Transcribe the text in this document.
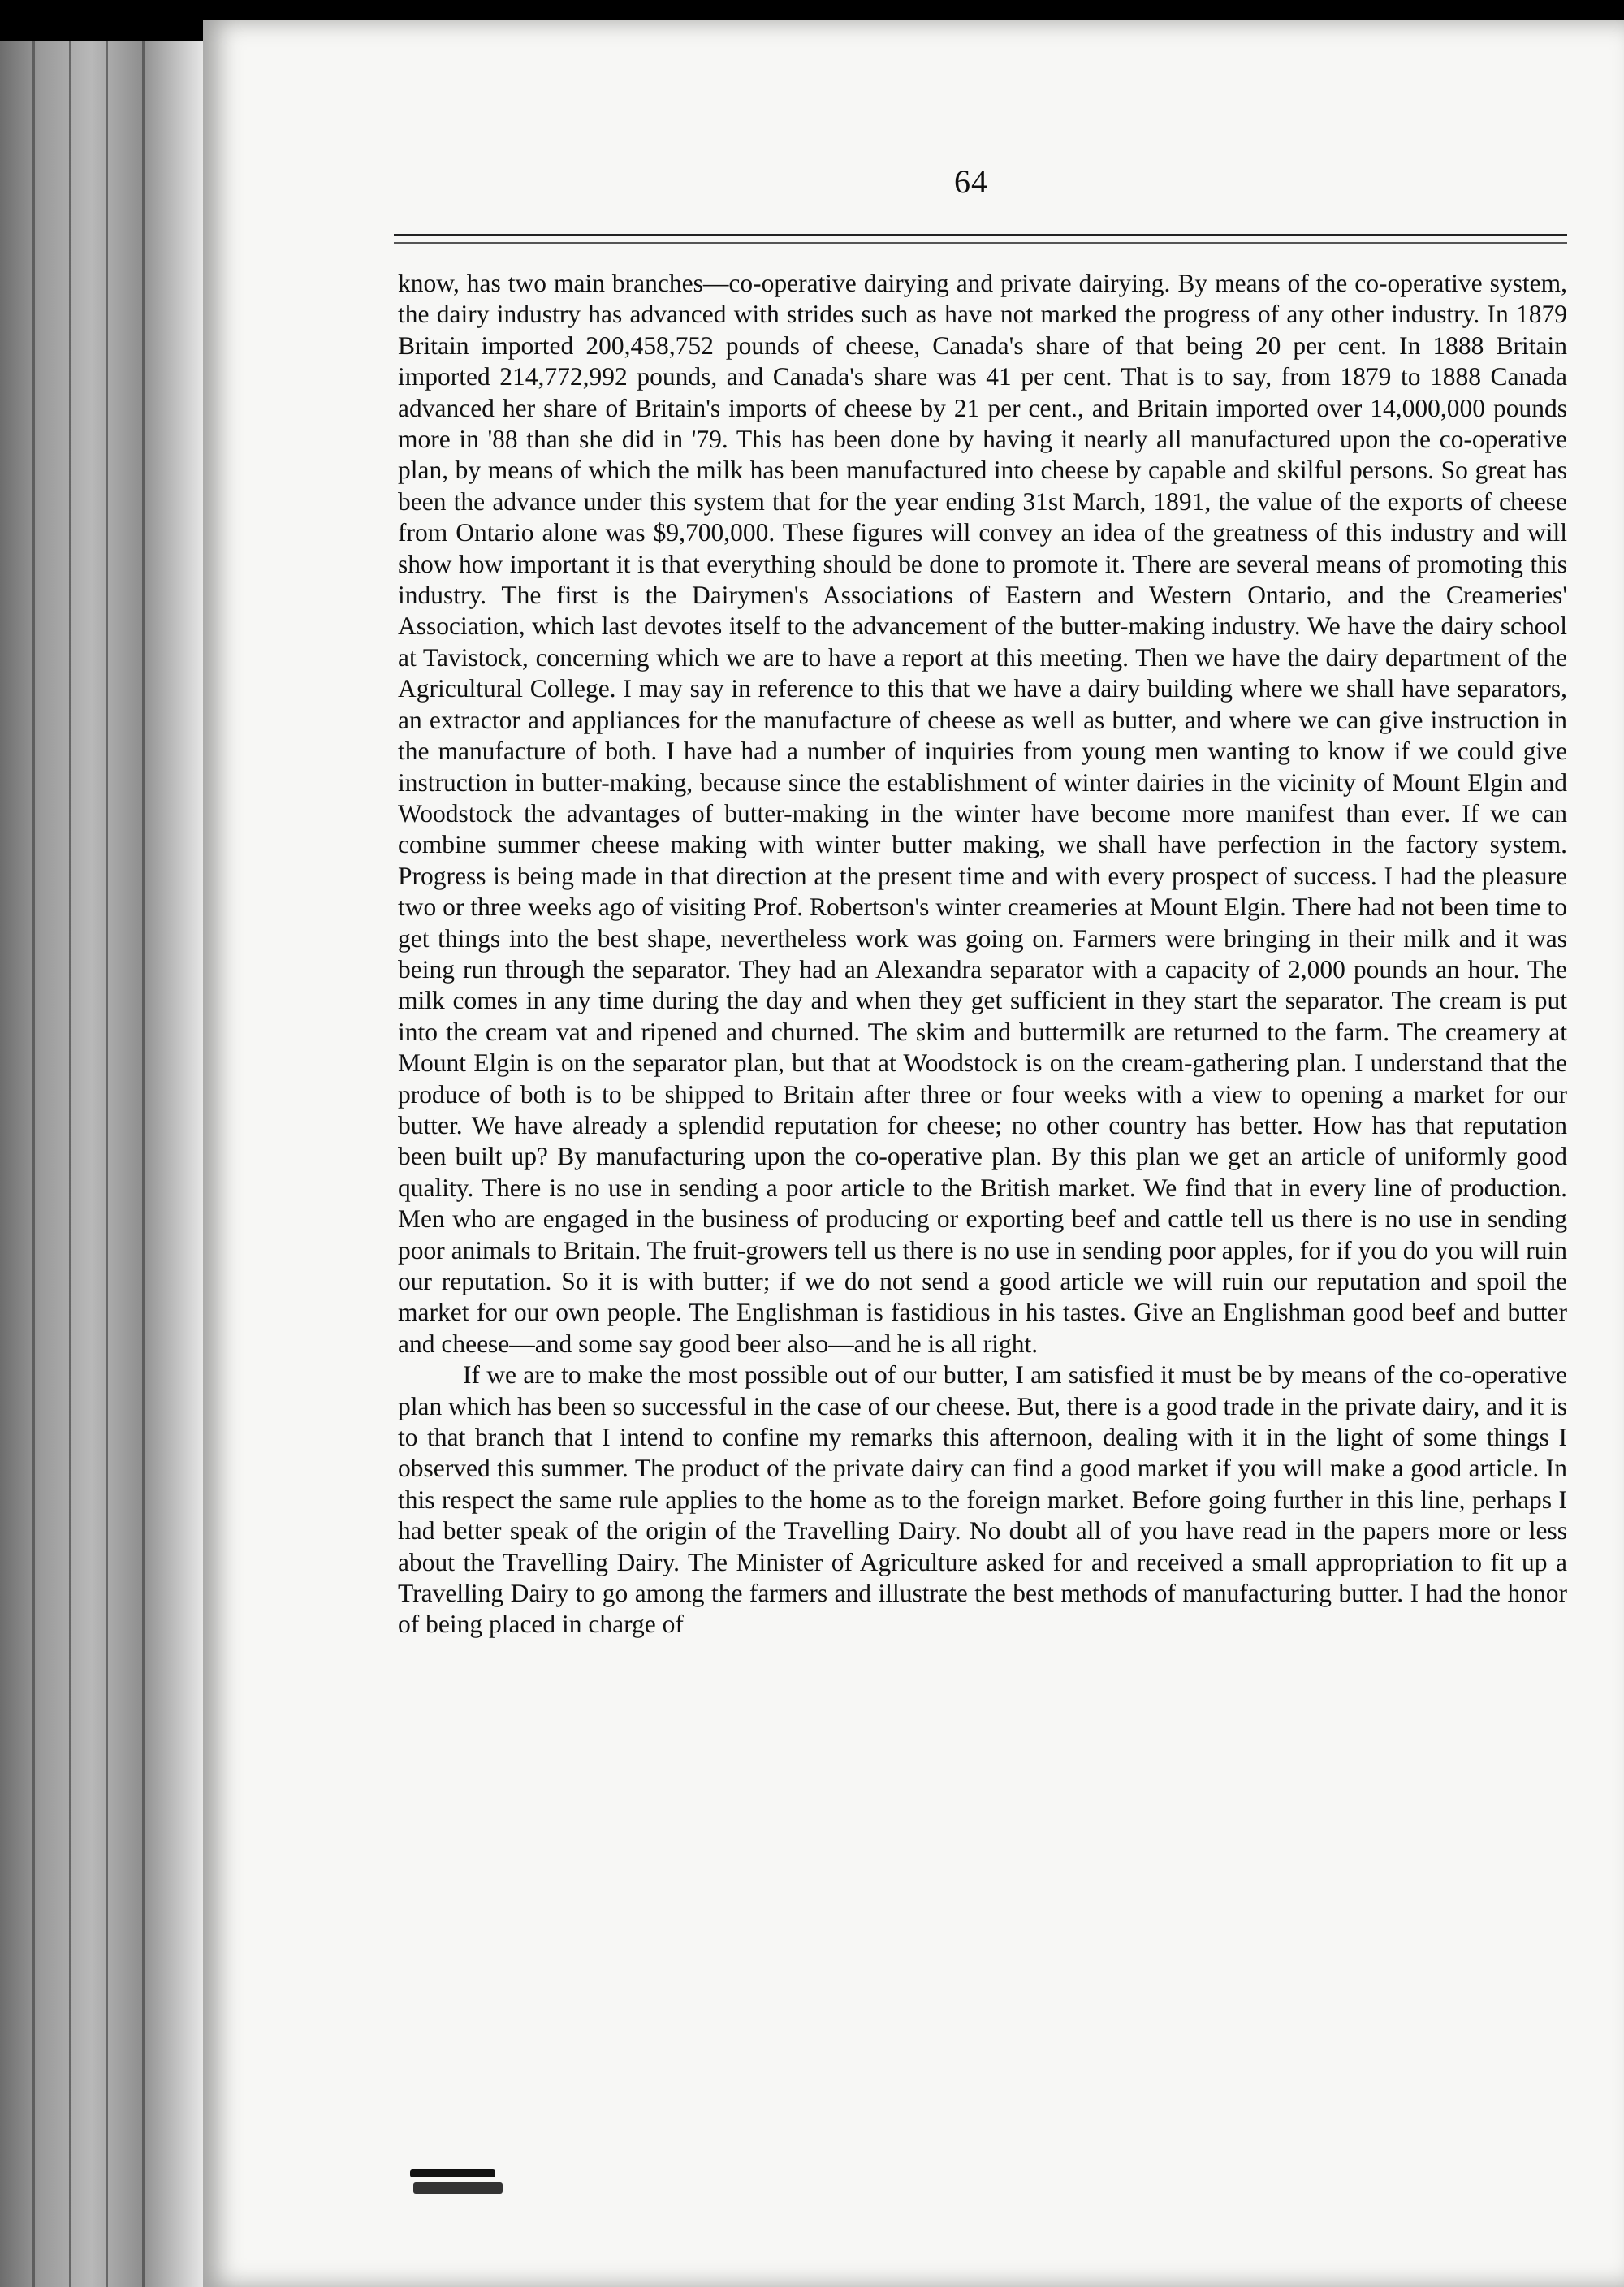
64

know, has two main branches—co-operative dairying and private dairying. By means of the co-operative system, the dairy industry has advanced with strides such as have not marked the progress of any other industry. In 1879 Britain imported 200,458,752 pounds of cheese, Canada's share of that being 20 per cent. In 1888 Britain imported 214,772,992 pounds, and Canada's share was 41 per cent. That is to say, from 1879 to 1888 Canada advanced her share of Britain's imports of cheese by 21 per cent., and Britain imported over 14,000,000 pounds more in '88 than she did in '79. This has been done by having it nearly all manufactured upon the co-operative plan, by means of which the milk has been manufactured into cheese by capable and skilful persons. So great has been the advance under this system that for the year ending 31st March, 1891, the value of the exports of cheese from Ontario alone was $9,700,000. These figures will convey an idea of the greatness of this industry and will show how important it is that everything should be done to promote it. There are several means of promoting this industry. The first is the Dairymen's Associations of Eastern and Western Ontario, and the Creameries' Association, which last devotes itself to the advancement of the butter-making industry. We have the dairy school at Tavistock, concerning which we are to have a report at this meeting. Then we have the dairy department of the Agricultural College. I may say in reference to this that we have a dairy building where we shall have separators, an extractor and appliances for the manufacture of cheese as well as butter, and where we can give instruction in the manufacture of both. I have had a number of inquiries from young men wanting to know if we could give instruction in butter-making, because since the establishment of winter dairies in the vicinity of Mount Elgin and Woodstock the advantages of butter-making in the winter have become more manifest than ever. If we can combine summer cheese making with winter butter making, we shall have perfection in the factory system. Progress is being made in that direction at the present time and with every prospect of success. I had the pleasure two or three weeks ago of visiting Prof. Robertson's winter creameries at Mount Elgin. There had not been time to get things into the best shape, nevertheless work was going on. Farmers were bringing in their milk and it was being run through the separator. They had an Alexandra separator with a capacity of 2,000 pounds an hour. The milk comes in any time during the day and when they get sufficient in they start the separator. The cream is put into the cream vat and ripened and churned. The skim and buttermilk are returned to the farm. The creamery at Mount Elgin is on the separator plan, but that at Woodstock is on the cream-gathering plan. I understand that the produce of both is to be shipped to Britain after three or four weeks with a view to opening a market for our butter. We have already a splendid reputation for cheese; no other country has better. How has that reputation been built up? By manufacturing upon the co-operative plan. By this plan we get an article of uniformly good quality. There is no use in sending a poor article to the British market. We find that in every line of production. Men who are engaged in the business of producing or exporting beef and cattle tell us there is no use in sending poor animals to Britain. The fruit-growers tell us there is no use in sending poor apples, for if you do you will ruin our reputation. So it is with butter; if we do not send a good article we will ruin our reputation and spoil the market for our own people. The Englishman is fastidious in his tastes. Give an Englishman good beef and butter and cheese—and some say good beer also—and he is all right.

If we are to make the most possible out of our butter, I am satisfied it must be by means of the co-operative plan which has been so successful in the case of our cheese. But, there is a good trade in the private dairy, and it is to that branch that I intend to confine my remarks this afternoon, dealing with it in the light of some things I observed this summer. The product of the private dairy can find a good market if you will make a good article. In this respect the same rule applies to the home as to the foreign market. Before going further in this line, perhaps I had better speak of the origin of the Travelling Dairy. No doubt all of you have read in the papers more or less about the Travelling Dairy. The Minister of Agriculture asked for and received a small appropriation to fit up a Travelling Dairy to go among the farmers and illustrate the best methods of manufacturing butter. I had the honor of being placed in charge of
